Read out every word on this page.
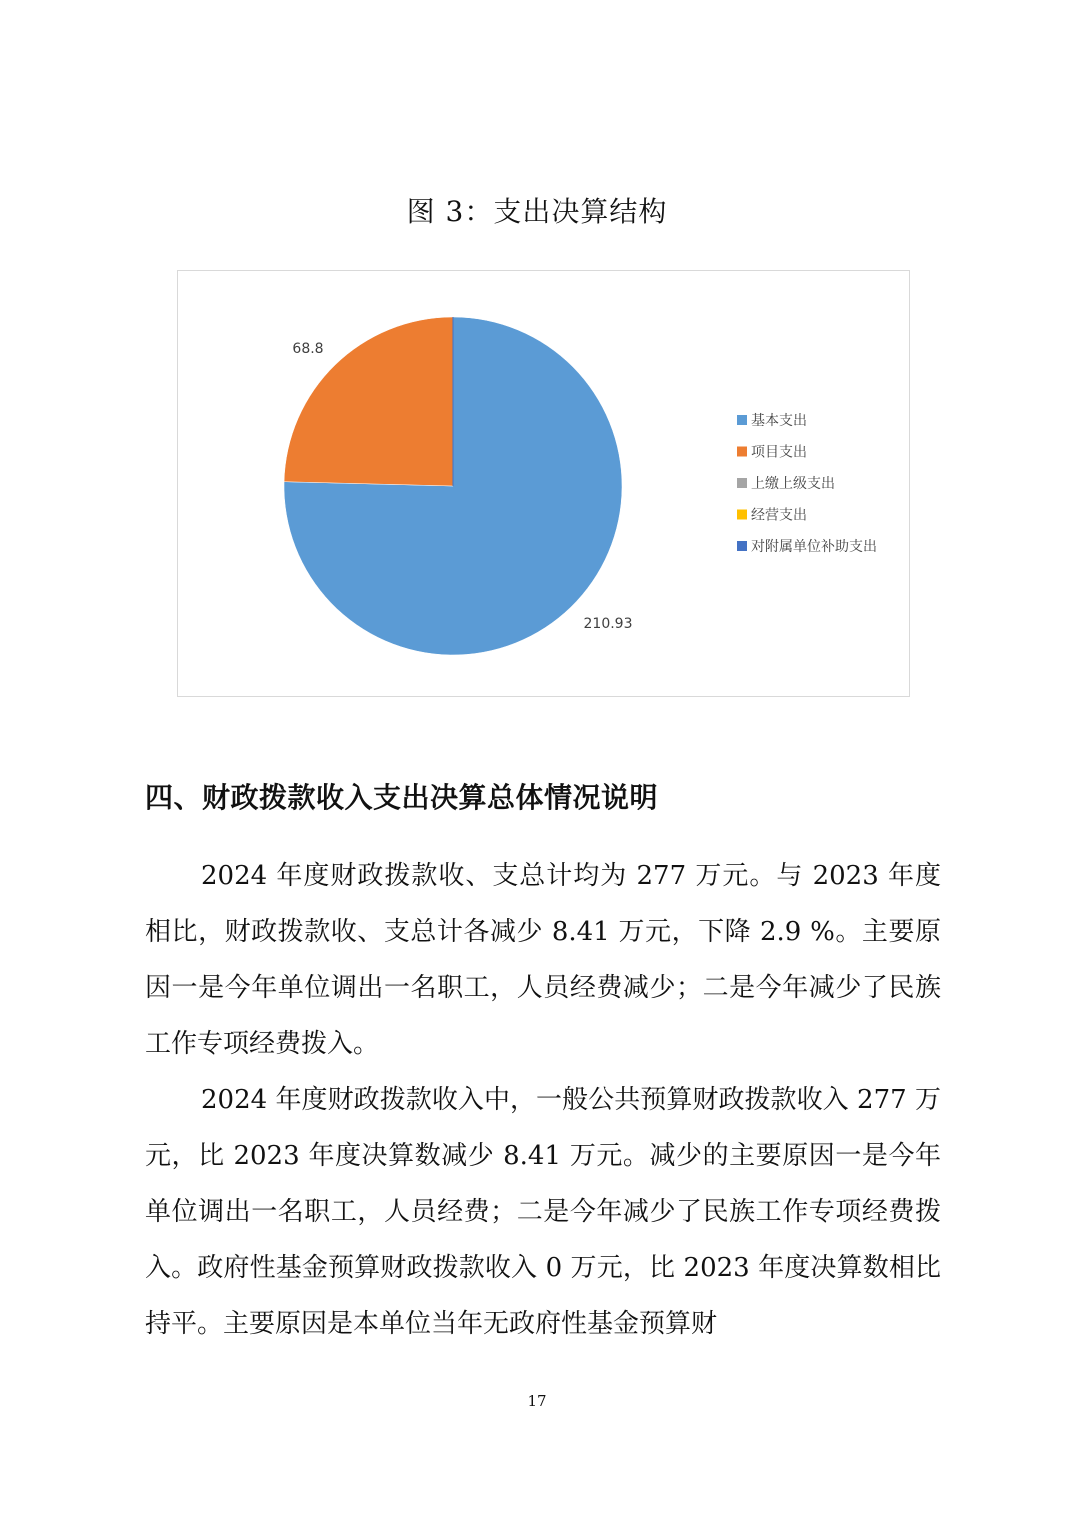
图 3：支出决算结构
210.93
68.8
基本支出
项目支出
上缴上级支出
经营支出
对附属单位补助支出
四、财政拨款收入支出决算总体情况说明
2024 年度财政拨款收、支总计均为 277 万元。与 2023 年度相比，财政拨款收、支总计各减少 8.41 万元，下降 2.9 %。主要原因一是今年单位调出一名职工，人员经费减少；二是今年减少了民族工作专项经费拨入。
2024 年度财政拨款收入中，一般公共预算财政拨款收入 277 万元，比 2023 年度决算数减少 8.41 万元。减少的主要原因一是今年单位调出一名职工，人员经费；二是今年减少了民族工作专项经费拨入。政府性基金预算财政拨款收入 0 万元，比 2023 年度决算数相比持平。主要原因是本单位当年无政府性基金预算财
17
